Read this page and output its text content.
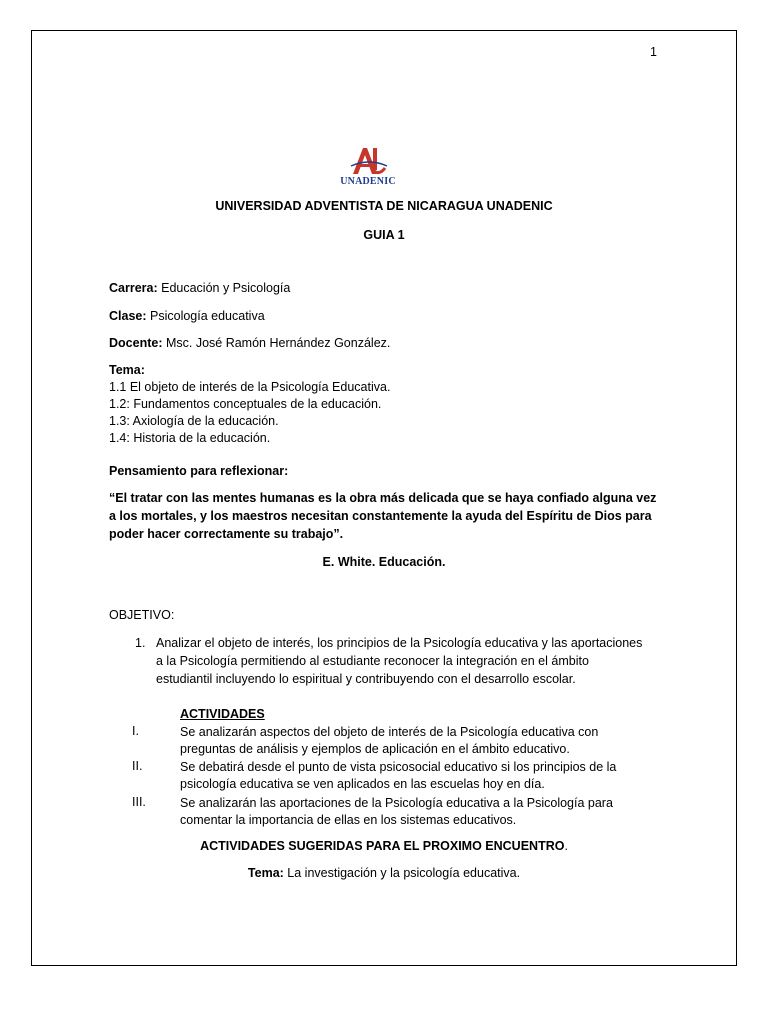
1
UNADENIC
UNIVERSIDAD ADVENTISTA DE NICARAGUA UNADENIC
GUIA 1
Carrera: Educación y Psicología
Clase: Psicología educativa
Docente: Msc. José Ramón Hernández González.
Tema:
1.1 El objeto de interés de la Psicología Educativa.
1.2: Fundamentos conceptuales de la educación.
1.3: Axiología de la educación.
1.4: Historia de la educación.
Pensamiento para reflexionar:
“El tratar con las mentes humanas es la obra más delicada que se haya confiado alguna vez
a los mortales, y los maestros necesitan constantemente la ayuda del Espíritu de Dios para
poder hacer correctamente su trabajo”.
E. White. Educación.
OBJETIVO:
1. Analizar el objeto de interés, los principios de la Psicología educativa y las aportaciones
a la Psicología permitiendo al estudiante reconocer la integración en el ámbito
estudiantil incluyendo lo espiritual y contribuyendo con el desarrollo escolar.
ACTIVIDADES
I.	Se analizarán aspectos del objeto de interés de la Psicología educativa con
preguntas de análisis y ejemplos de aplicación en el ámbito educativo.
II.	Se debatirá desde el punto de vista psicosocial educativo si los principios de la
psicología educativa se ven aplicados en las escuelas hoy en día.
III.	Se analizarán las aportaciones de la Psicología educativa a la Psicología para
comentar la importancia de ellas en los sistemas educativos.
ACTIVIDADES SUGERIDAS PARA EL PROXIMO ENCUENTRO.
Tema: La investigación y la psicología educativa.
